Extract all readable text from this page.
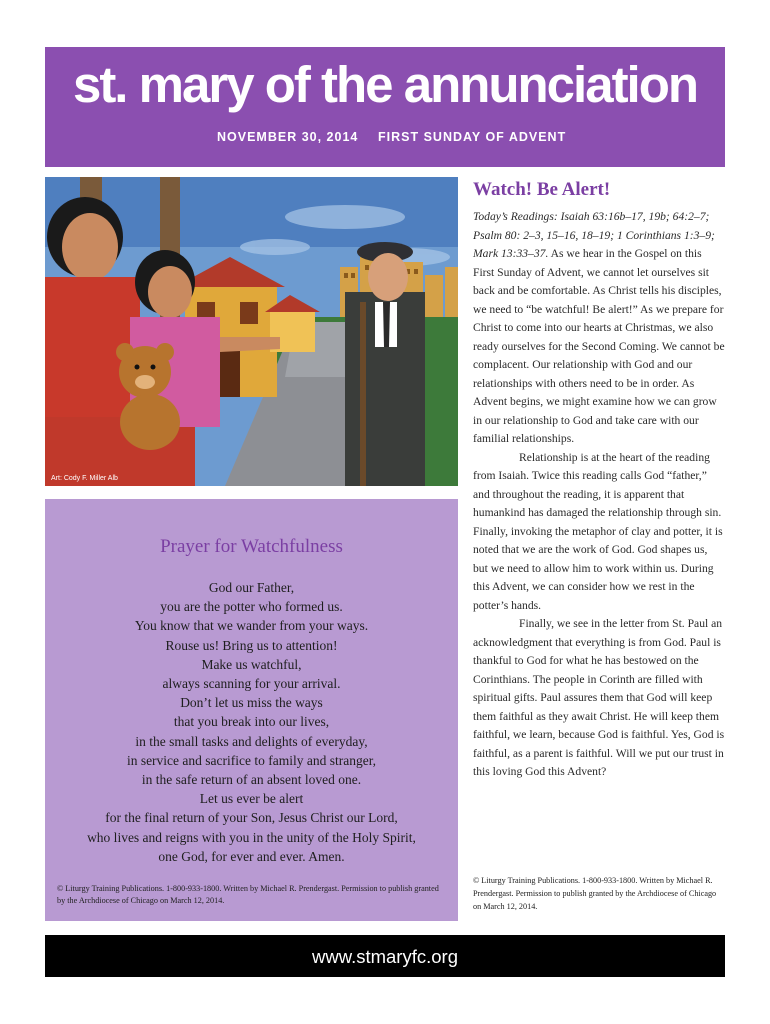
st. mary of the annunciation
NOVEMBER 30, 2014 FIRST SUNDAY OF ADVENT
Art: Cody F. Miller Alb
Prayer for Watchfulness
God our Father,
you are the potter who formed us.
You know that we wander from your ways.
Rouse us! Bring us to attention!
Make us watchful,
always scanning for your arrival.
Don’t let us miss the ways
that you break into our lives,
in the small tasks and delights of everyday,
in service and sacrifice to family and stranger,
in the safe return of an absent loved one.
Let us ever be alert
for the final return of your Son, Jesus Christ our Lord,
who lives and reigns with you in the unity of the Holy Spirit,
one God, for ever and ever. Amen.
© Liturgy Training Publications. 1-800-933-1800. Written by Michael R. Prendergast. Permission to publish granted by the Archdiocese of Chicago on March 12, 2014.
Watch! Be Alert!

Today’s Readings: Isaiah 63:16b–17, 19b; 64:2–7; Psalm 80: 2–3, 15–16, 18–19; 1 Corinthians 1:3–9; Mark 13:33–37. As we hear in the Gospel on this First Sunday of Advent, we cannot let ourselves sit back and be comfortable. As Christ tells his disciples, we need to “be watchful! Be alert!” As we prepare for Christ to come into our hearts at Christmas, we also ready ourselves for the Second Coming. We cannot be complacent. Our relationship with God and our relationships with others need to be in order. As Advent begins, we might examine how we can grow in our relationship to God and take care with our familial relationships.

Relationship is at the heart of the reading from Isaiah. Twice this reading calls God “father,” and throughout the reading, it is apparent that humankind has damaged the relationship through sin. Finally, invoking the metaphor of clay and potter, it is noted that we are the work of God. God shapes us, but we need to allow him to work within us. During this Advent, we can consider how we rest in the potter’s hands.

Finally, we see in the letter from St. Paul an acknowledgment that everything is from God. Paul is thankful to God for what he has bestowed on the Corinthians. The people in Corinth are filled with spiritual gifts. Paul assures them that God will keep them faithful as they await Christ. He will keep them faithful, we learn, because God is faithful. Yes, God is faithful, as a parent is faithful. Will we put our trust in this loving God this Advent?

© Liturgy Training Publications. 1-800-933-1800. Written by Michael R. Prendergast. Permission to publish granted by the Archdiocese of Chicago on March 12, 2014.
www.stmaryfc.org
